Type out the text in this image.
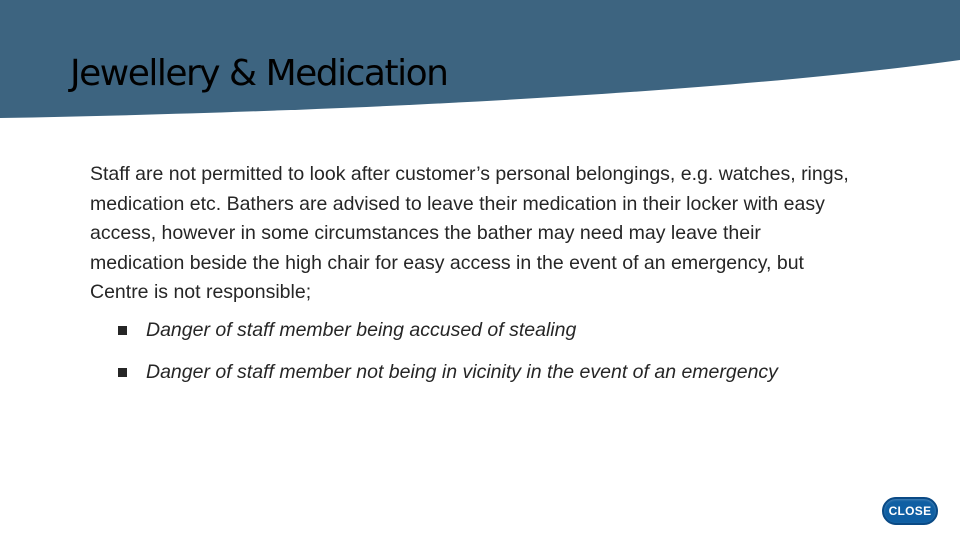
Jewellery & Medication

Staff are not permitted to look after customer’s personal belongings, e.g. watches, rings, medication etc. Bathers are advised to leave their medication in their locker with easy access, however in some circumstances the bather may need may leave their medication beside the high chair for easy access in the event of an emergency, but Centre is not responsible;

Danger of staff member being accused of stealing
Danger of staff member not being in vicinity in the event of an emergency
CLOSE
